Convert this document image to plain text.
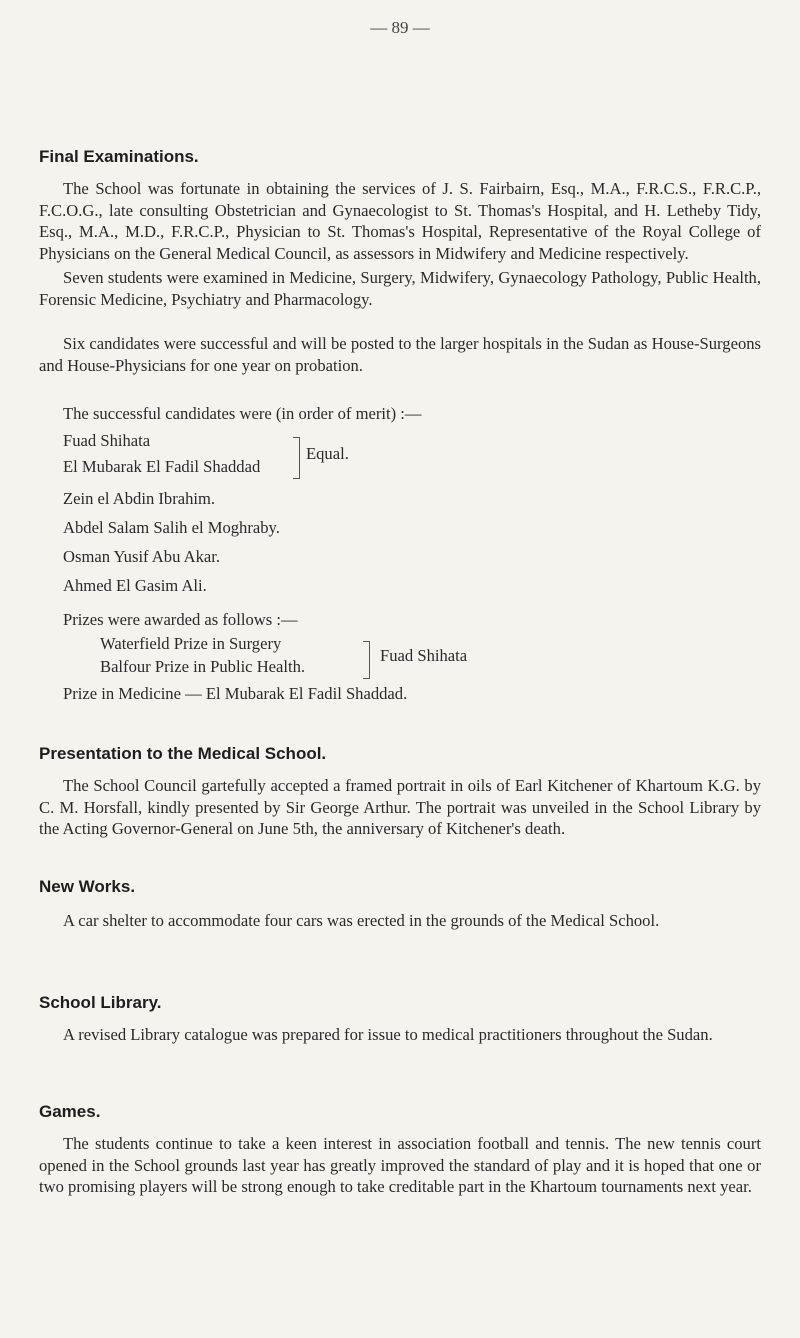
— 89 —
Final Examinations.

The School was fortunate in obtaining the services of J. S. Fairbairn, Esq., M.A., F.R.C.S., F.R.C.P., F.C.O.G., late consulting Obstetrician and Gynaecologist to St. Thomas's Hospital, and H. Letheby Tidy, Esq., M.A., M.D., F.R.C.P., Physician to St. Thomas's Hospital, Representative of the Royal College of Physicians on the General Medical Council, as assessors in Midwifery and Medicine respectively.

Seven students were examined in Medicine, Surgery, Midwifery, Gynaecology Pathology, Public Health, Forensic Medicine, Psychiatry and Pharmacology.

Six candidates were successful and will be posted to the larger hospitals in the Sudan as House-Surgeons and House-Physicians for one year on probation.

The successful candidates were (in order of merit) :—
Fuad Shihata
El Mubarak El Fadil Shaddad
Equal.
Zein el Abdin Ibrahim.
Abdel Salam Salih el Moghraby.
Osman Yusif Abu Akar.
Ahmed El Gasim Ali.
Prizes were awarded as follows :—
Waterfield Prize in Surgery
Balfour Prize in Public Health.
Fuad Shihata
Prize in Medicine — El Mubarak El Fadil Shaddad.
Presentation to the Medical School.

The School Council gartefully accepted a framed portrait in oils of Earl Kitchener of Khartoum K.G. by C. M. Horsfall, kindly presented by Sir George Arthur. The portrait was unveiled in the School Library by the Acting Governor-General on June 5th, the anniversary of Kitchener's death.

New Works.

A car shelter to accommodate four cars was erected in the grounds of the Medical School.

School Library.

A revised Library catalogue was prepared for issue to medical practitioners throughout the Sudan.

Games.

The students continue to take a keen interest in association football and tennis. The new tennis court opened in the School grounds last year has greatly improved the standard of play and it is hoped that one or two promising players will be strong enough to take creditable part in the Khartoum tournaments next year.
